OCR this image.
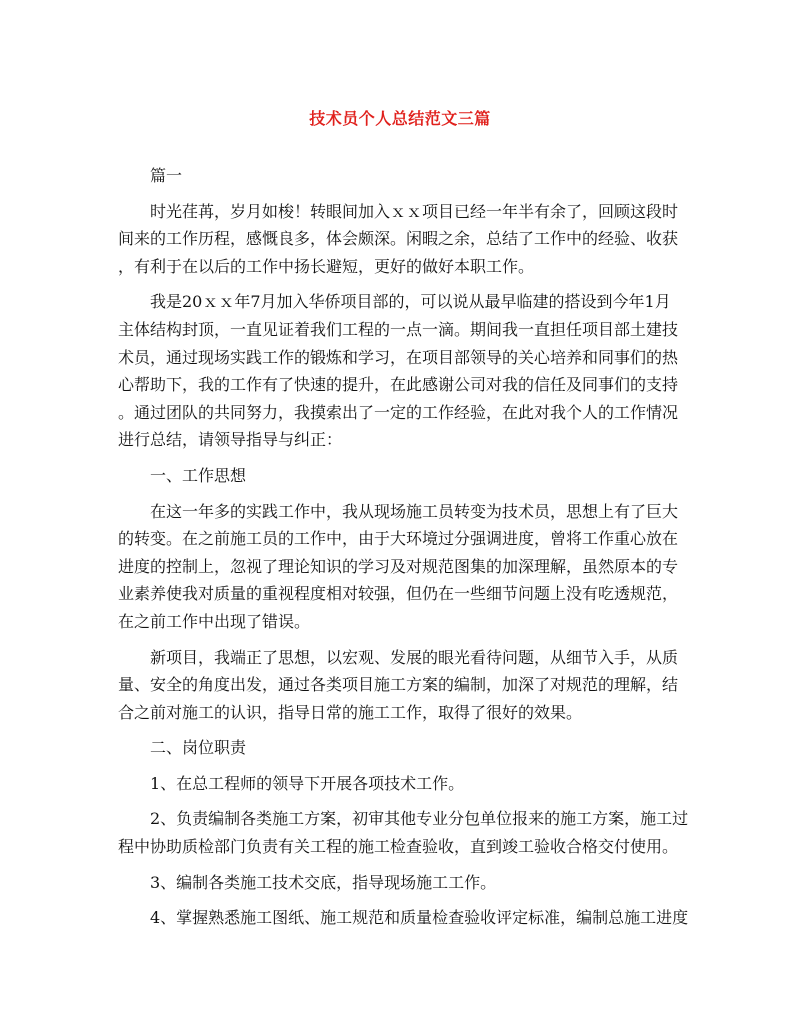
技术员个人总结范文三篇
篇一
时光荏苒，岁月如梭！转眼间加入ｘｘ项目已经一年半有余了，回顾这段时
间来的工作历程，感慨良多，体会颇深。闲暇之余，总结了工作中的经验、收获
，有利于在以后的工作中扬长避短，更好的做好本职工作。
我是20ｘｘ年7月加入华侨项目部的，可以说从最早临建的搭设到今年1月
主体结构封顶，一直见证着我们工程的一点一滴。期间我一直担任项目部土建技
术员，通过现场实践工作的锻炼和学习，在项目部领导的关心培养和同事们的热
心帮助下，我的工作有了快速的提升，在此感谢公司对我的信任及同事们的支持
。通过团队的共同努力，我摸索出了一定的工作经验，在此对我个人的工作情况
进行总结，请领导指导与纠正：
一、工作思想
在这一年多的实践工作中，我从现场施工员转变为技术员，思想上有了巨大
的转变。在之前施工员的工作中，由于大环境过分强调进度，曾将工作重心放在
进度的控制上，忽视了理论知识的学习及对规范图集的加深理解，虽然原本的专
业素养使我对质量的重视程度相对较强，但仍在一些细节问题上没有吃透规范，
在之前工作中出现了错误。
新项目，我端正了思想，以宏观、发展的眼光看待问题，从细节入手，从质
量、安全的角度出发，通过各类项目施工方案的编制，加深了对规范的理解，结
合之前对施工的认识，指导日常的施工工作，取得了很好的效果。
二、岗位职责
1、在总工程师的领导下开展各项技术工作。
2、负责编制各类施工方案，初审其他专业分包单位报来的施工方案，施工过
程中协助质检部门负责有关工程的施工检查验收，直到竣工验收合格交付使用。
3、编制各类施工技术交底，指导现场施工工作。
4、掌握熟悉施工图纸、施工规范和质量检查验收评定标准，编制总施工进度
